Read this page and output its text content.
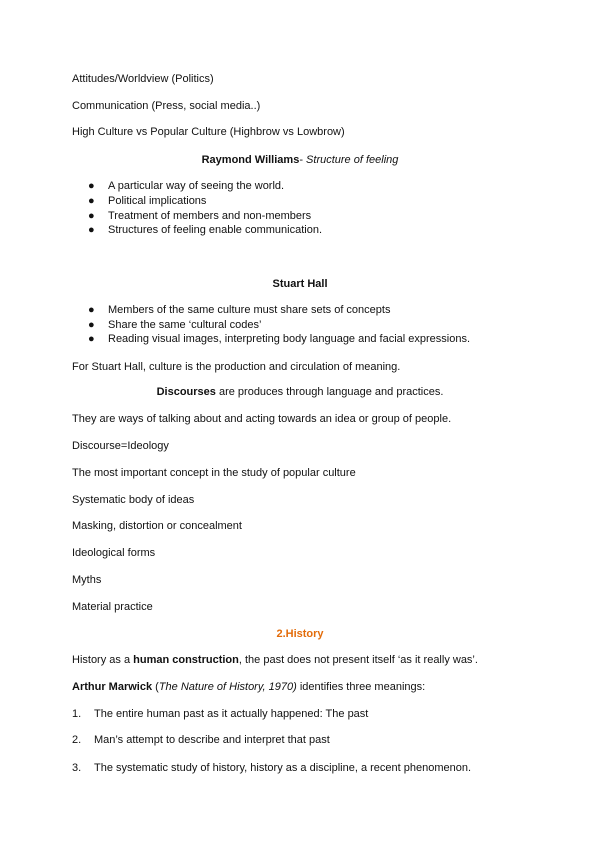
Attitudes/Worldview (Politics)
Communication (Press, social media..)
High Culture vs Popular Culture (Highbrow vs Lowbrow)
Raymond Williams- Structure of feeling
● A particular way of seeing the world.
● Political implications
● Treatment of members and non-members
● Structures of feeling enable communication.
Stuart Hall
● Members of the same culture must share sets of concepts
● Share the same ‘cultural codes’
● Reading visual images, interpreting body language and facial expressions.
For Stuart Hall, culture is the production and circulation of meaning.
Discourses are produces through language and practices.
They are ways of talking about and acting towards an idea or group of people.
Discourse=Ideology
The most important concept in the study of popular culture
Systematic body of ideas
Masking, distortion or concealment
Ideological forms
Myths
Material practice
2.History
History as a human construction, the past does not present itself ‘as it really was’.
Arthur Marwick (The Nature of History, 1970) identifies three meanings:
1. The entire human past as it actually happened: The past
2. Man’s attempt to describe and interpret that past
3. The systematic study of history, history as a discipline, a recent phenomenon.
